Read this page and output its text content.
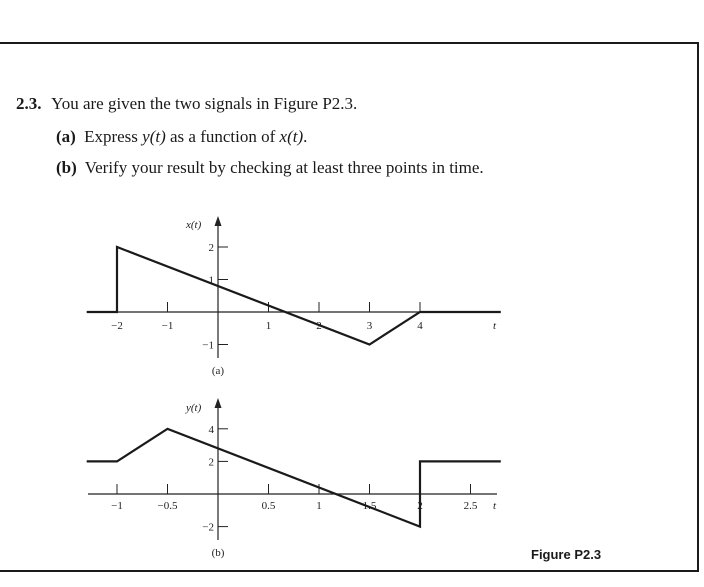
2.3. You are given the two signals in Figure P2.3.
(a) Express y(t) as a function of x(t).
(b) Verify your result by checking at least three points in time.
x(t)
t
−2	−1	1	2	3	4
2
1
−1
(a)
y(t)
t
−1	−0.5	0.5	1	1.5	2	2.5
4
2
−2
(b)	Figure P2.3
